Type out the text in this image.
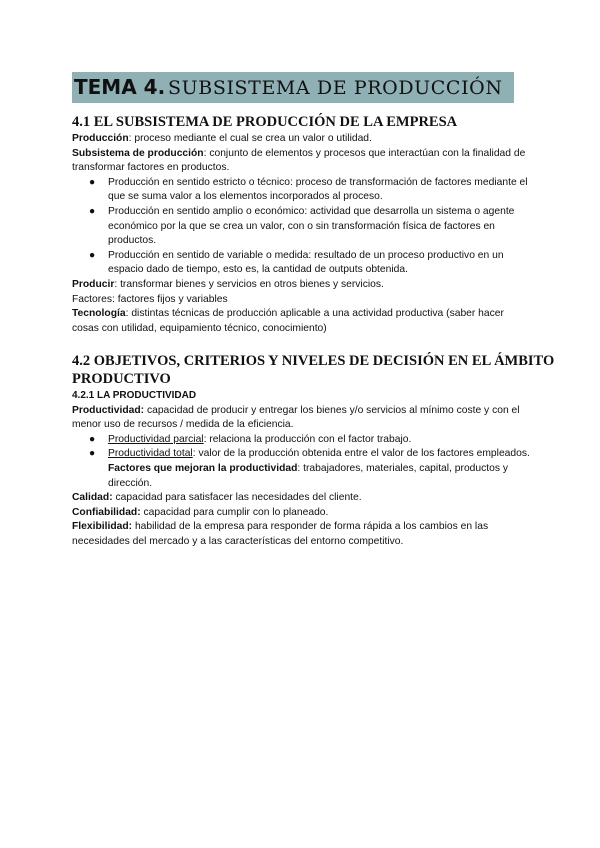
TEMA 4. SUBSISTEMA DE PRODUCCIÓN
4.1 EL SUBSISTEMA DE PRODUCCIÓN DE LA EMPRESA

Producción: proceso mediante el cual se crea un valor o utilidad.

Subsistema de producción: conjunto de elementos y procesos que interactúan con la finalidad de transformar factores en productos.

● Producción en sentido estricto o técnico: proceso de transformación de factores mediante el que se suma valor a los elementos incorporados al proceso.
● Producción en sentido amplio o económico: actividad que desarrolla un sistema o agente económico por la que se crea un valor, con o sin transformación física de factores en productos.
● Producción en sentido de variable o medida: resultado de un proceso productivo en un espacio dado de tiempo, esto es, la cantidad de outputs obtenida.

Producir: transformar bienes y servicios en otros bienes y servicios.

Factores: factores fijos y variables

Tecnología: distintas técnicas de producción aplicable a una actividad productiva (saber hacer cosas con utilidad, equipamiento técnico, conocimiento)

4.2 OBJETIVOS, CRITERIOS Y NIVELES DE DECISIÓN EN EL ÁMBITO
PRODUCTIVO

4.2.1 LA PRODUCTIVIDAD

Productividad: capacidad de producir y entregar los bienes y/o servicios al mínimo coste y con el menor uso de recursos / medida de la eficiencia.

● Productividad parcial: relaciona la producción con el factor trabajo.
● Productividad total: valor de la producción obtenida entre el valor de los factores empleados.

Factores que mejoran la productividad: trabajadores, materiales, capital, productos y dirección.

Calidad: capacidad para satisfacer las necesidades del cliente.

Confiabilidad: capacidad para cumplir con lo planeado.

Flexibilidad: habilidad de la empresa para responder de forma rápida a los cambios en las necesidades del mercado y a las características del entorno competitivo.
